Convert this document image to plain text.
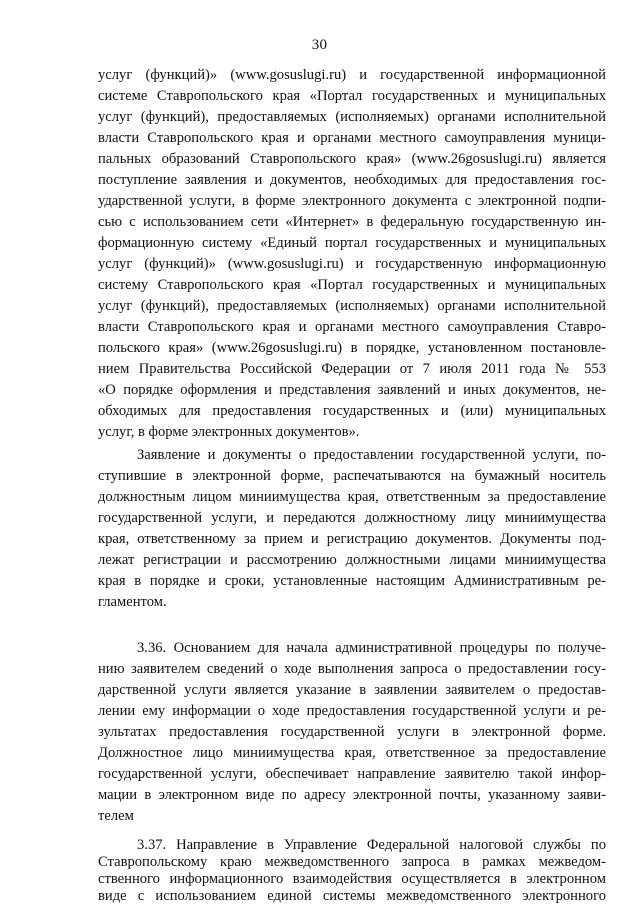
30
услуг (функций)» (www.gosuslugi.ru) и государственной информационной
системе Ставропольского края «Портал государственных и муниципальных
услуг (функций), предоставляемых (исполняемых) органами исполнительной
власти Ставропольского края и органами местного самоуправления муници-
пальных образований Ставропольского края» (www.26gosuslugi.ru) является
поступление заявления и документов, необходимых для предоставления гос-
ударственной услуги, в форме электронного документа с электронной подпи-
сью с использованием сети «Интернет» в федеральную государственную ин-
формационную систему «Единый портал государственных и муниципальных
услуг (функций)» (www.gosuslugi.ru) и государственную информационную
систему Ставропольского края «Портал государственных и муниципальных
услуг (функций), предоставляемых (исполняемых) органами исполнительной
власти Ставропольского края и органами местного самоуправления Ставро-
польского края» (www.26gosuslugi.ru) в порядке, установленном постановле-
нием Правительства Российской Федерации от 7 июля 2011 года № 553
«О порядке оформления и представления заявлений и иных документов, не-
обходимых для предоставления государственных и (или) муниципальных
услуг, в форме электронных документов».
Заявление и документы о предоставлении государственной услуги, по-
ступившие в электронной форме, распечатываются на бумажный носитель
должностным лицом миниимущества края, ответственным за предоставление
государственной услуги, и передаются должностному лицу миниимущества
края, ответственному за прием и регистрацию документов. Документы под-
лежат регистрации и рассмотрению должностными лицами миниимущества
края в порядке и сроки, установленные настоящим Административным ре-
гламентом.
3.36. Основанием для начала административной процедуры по получе-
нию заявителем сведений о ходе выполнения запроса о предоставлении госу-
дарственной услуги является указание в заявлении заявителем о предостав-
лении ему информации о ходе предоставления государственной услуги и ре-
зультатах предоставления государственной услуги в электронной форме.
Должностное лицо миниимущества края, ответственное за предоставление
государственной услуги, обеспечивает направление заявителю такой инфор-
мации в электронном виде по адресу электронной почты, указанному заяви-
телем
3.37. Направление в Управление Федеральной налоговой службы по
Ставропольскому краю межведомственного запроса в рамках межведом-
ственного информационного взаимодействия осуществляется в электронном
виде с использованием единой системы межведомственного электронного
